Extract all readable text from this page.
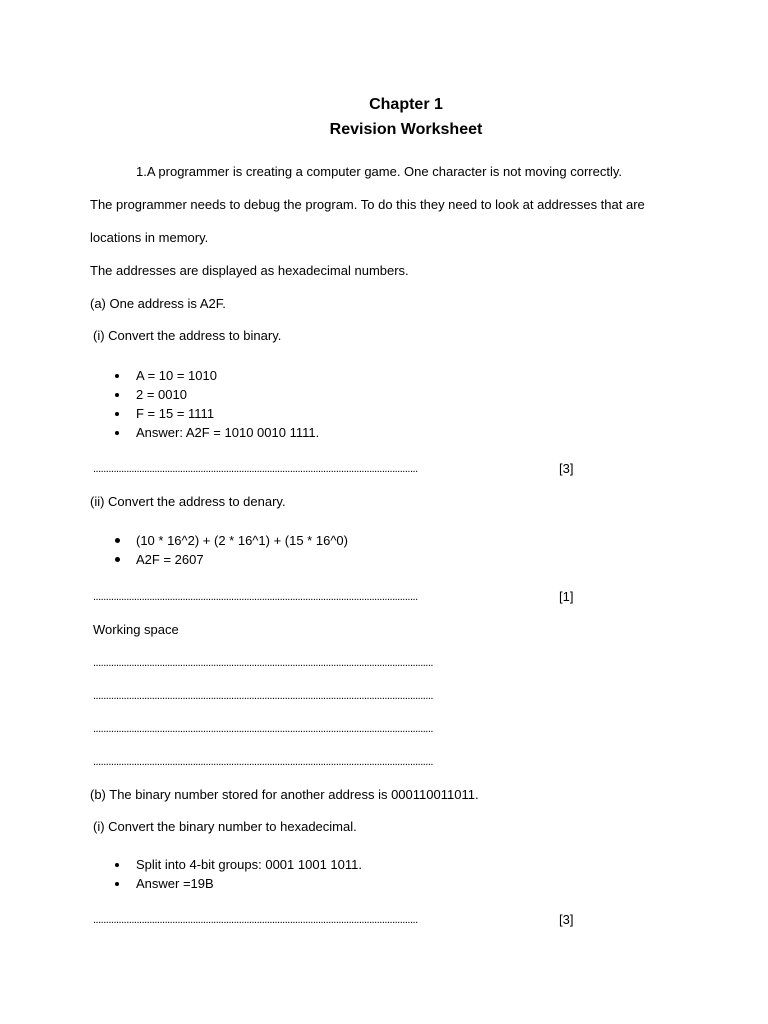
Chapter 1
Revision Worksheet
1.A programmer is creating a computer game. One character is not moving correctly.
The programmer needs to debug the program. To do this they need to look at addresses that are
locations in memory.
The addresses are displayed as hexadecimal numbers.
(a) One address is A2F.
(i) Convert the address to binary.
A = 10 = 1010
2 = 0010
F = 15 = 1111
Answer: A2F = 1010 0010 1111.
...............................................................................................................................	[3]
(ii) Convert the address to denary.
(10 * 16^2) + (2 * 16^1) + (15 * 16^0)
A2F = 2607
...............................................................................................................................	[1]
Working space
.....................................................................................................................................
.....................................................................................................................................
.....................................................................................................................................
.....................................................................................................................................
(b) The binary number stored for another address is 000110011011.
(i) Convert the binary number to hexadecimal.
Split into 4-bit groups: 0001 1001 1011.
Answer =19B
...............................................................................................................................	[3]
